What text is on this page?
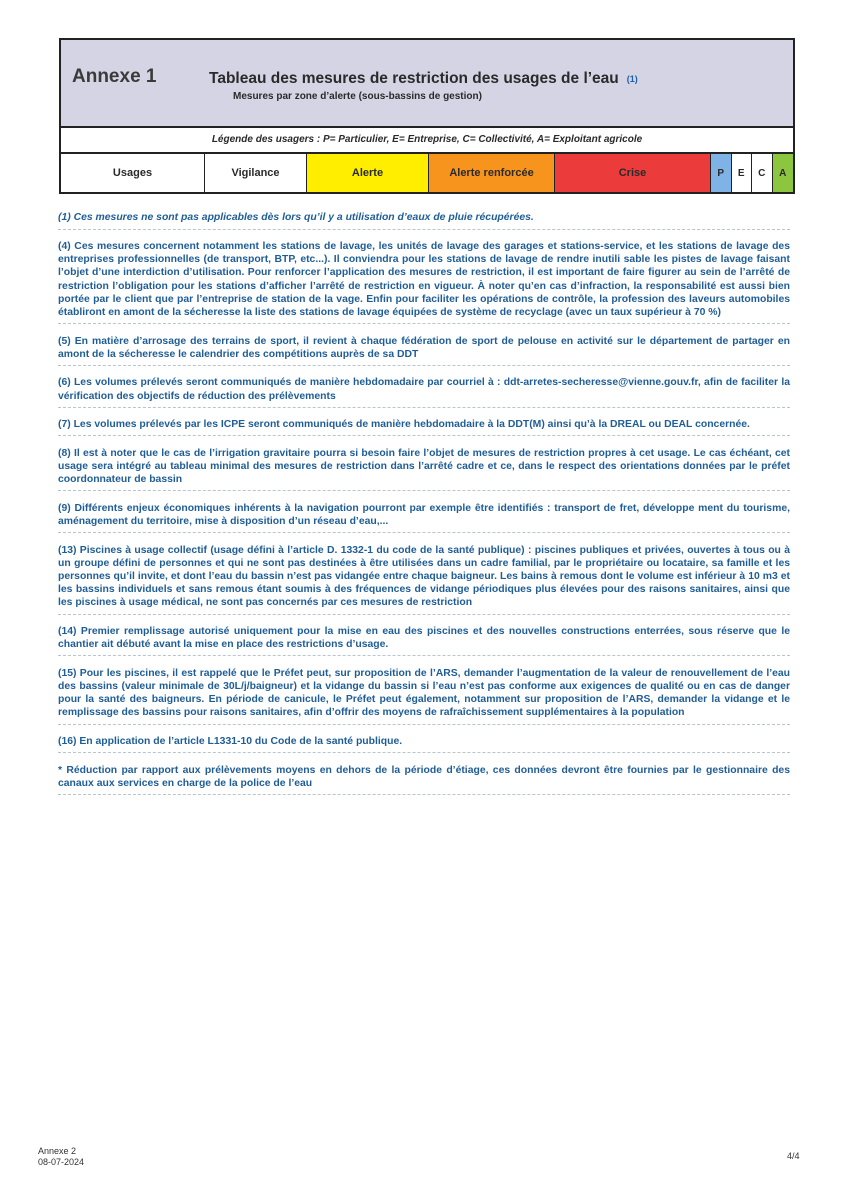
Annexe 1	Tableau des mesures de restriction des usages de l’eau (1)
Mesures par zone d’alerte (sous-bassins de gestion)
Légende des usagers : P= Particulier, E= Entreprise, C= Collectivité, A= Exploitant agricole
Usages	Vigilance	Alerte	Alerte renforcée	Crise	P	E	C	A

(1) Ces mesures ne sont pas applicables dès lors qu’il y a utilisation d’eaux de pluie récupérées.

(4) Ces mesures concernent notamment les stations de lavage, les unités de lavage des garages et stations-service, et les stations de lavage des entreprises professionnelles (de transport, BTP, etc...). Il conviendra pour les stations de lavage de rendre inutili sable les pistes de lavage faisant l’objet d’une interdiction d’utilisation. Pour renforcer l’application des mesures de restriction, il est important de faire figurer au sein de l’arrêté de restriction l’obligation pour les stations d’afficher l’arrêté de restriction en vigueur. À noter qu’en cas d’infraction, la responsabilité est aussi bien portée par le client que par l’entreprise de station de la vage. Enfin pour faciliter les opérations de contrôle, la profession des laveurs automobiles établiront en amont de la sécheresse la liste des stations de lavage équipées de système de recyclage (avec un taux supérieur à 70 %)

(5) En matière d’arrosage des terrains de sport, il revient à chaque fédération de sport de pelouse en activité sur le département de partager en amont de la sécheresse le calendrier des compétitions auprès de sa DDT

(6) Les volumes prélevés seront communiqués de manière hebdomadaire par courriel à : ddt-arretes-secheresse@vienne.gouv.fr, afin de faciliter la vérification des objectifs de réduction des prélèvements

(7) Les volumes prélevés par les ICPE seront communiqués de manière hebdomadaire à la DDT(M) ainsi qu’à la DREAL ou DEAL concernée.

(8) Il est à noter que le cas de l’irrigation gravitaire pourra si besoin faire l’objet de mesures de restriction propres à cet usage. Le cas échéant, cet usage sera intégré au tableau minimal des mesures de restriction dans l’arrêté cadre et ce, dans le respect des orientations données par le préfet coordonnateur de bassin

(9) Différents enjeux économiques inhérents à la navigation pourront par exemple être identifiés : transport de fret, développe ment du tourisme, aménagement du territoire, mise à disposition d’un réseau d’eau,...

(13) Piscines à usage collectif (usage défini à l’article D. 1332-1 du code de la santé publique) : piscines publiques et privées, ouvertes à tous ou à un groupe défini de personnes et qui ne sont pas destinées à être utilisées dans un cadre familial, par le propriétaire ou locataire, sa famille et les personnes qu’il invite, et dont l’eau du bassin n’est pas vidangée entre chaque baigneur. Les bains à remous dont le volume est inférieur à 10 m3 et les bassins individuels et sans remous étant soumis à des fréquences de vidange périodiques plus élevées pour des raisons sanitaires, ainsi que les piscines à usage médical, ne sont pas concernés par ces mesures de restriction

(14) Premier remplissage autorisé uniquement pour la mise en eau des piscines et des nouvelles constructions enterrées, sous réserve que le chantier ait débuté avant la mise en place des restrictions d’usage.

(15) Pour les piscines, il est rappelé que le Préfet peut, sur proposition de l’ARS, demander l’augmentation de la valeur de renouvellement de l’eau des bassins (valeur minimale de 30L/j/baigneur) et la vidange du bassin si l’eau n’est pas conforme aux exigences de qualité ou en cas de danger pour la santé des baigneurs. En période de canicule, le Préfet peut également, notamment sur proposition de l’ARS, demander la vidange et le remplissage des bassins pour raisons sanitaires, afin d’offrir des moyens de rafraîchissement supplémentaires à la population

(16) En application de l’article L1331-10 du Code de la santé publique.

* Réduction par rapport aux prélèvements moyens en dehors de la période d’étiage, ces données devront être fournies par le gestionnaire des canaux aux services en charge de la police de l’eau

Annexe 2
08-07-2024
4/4
